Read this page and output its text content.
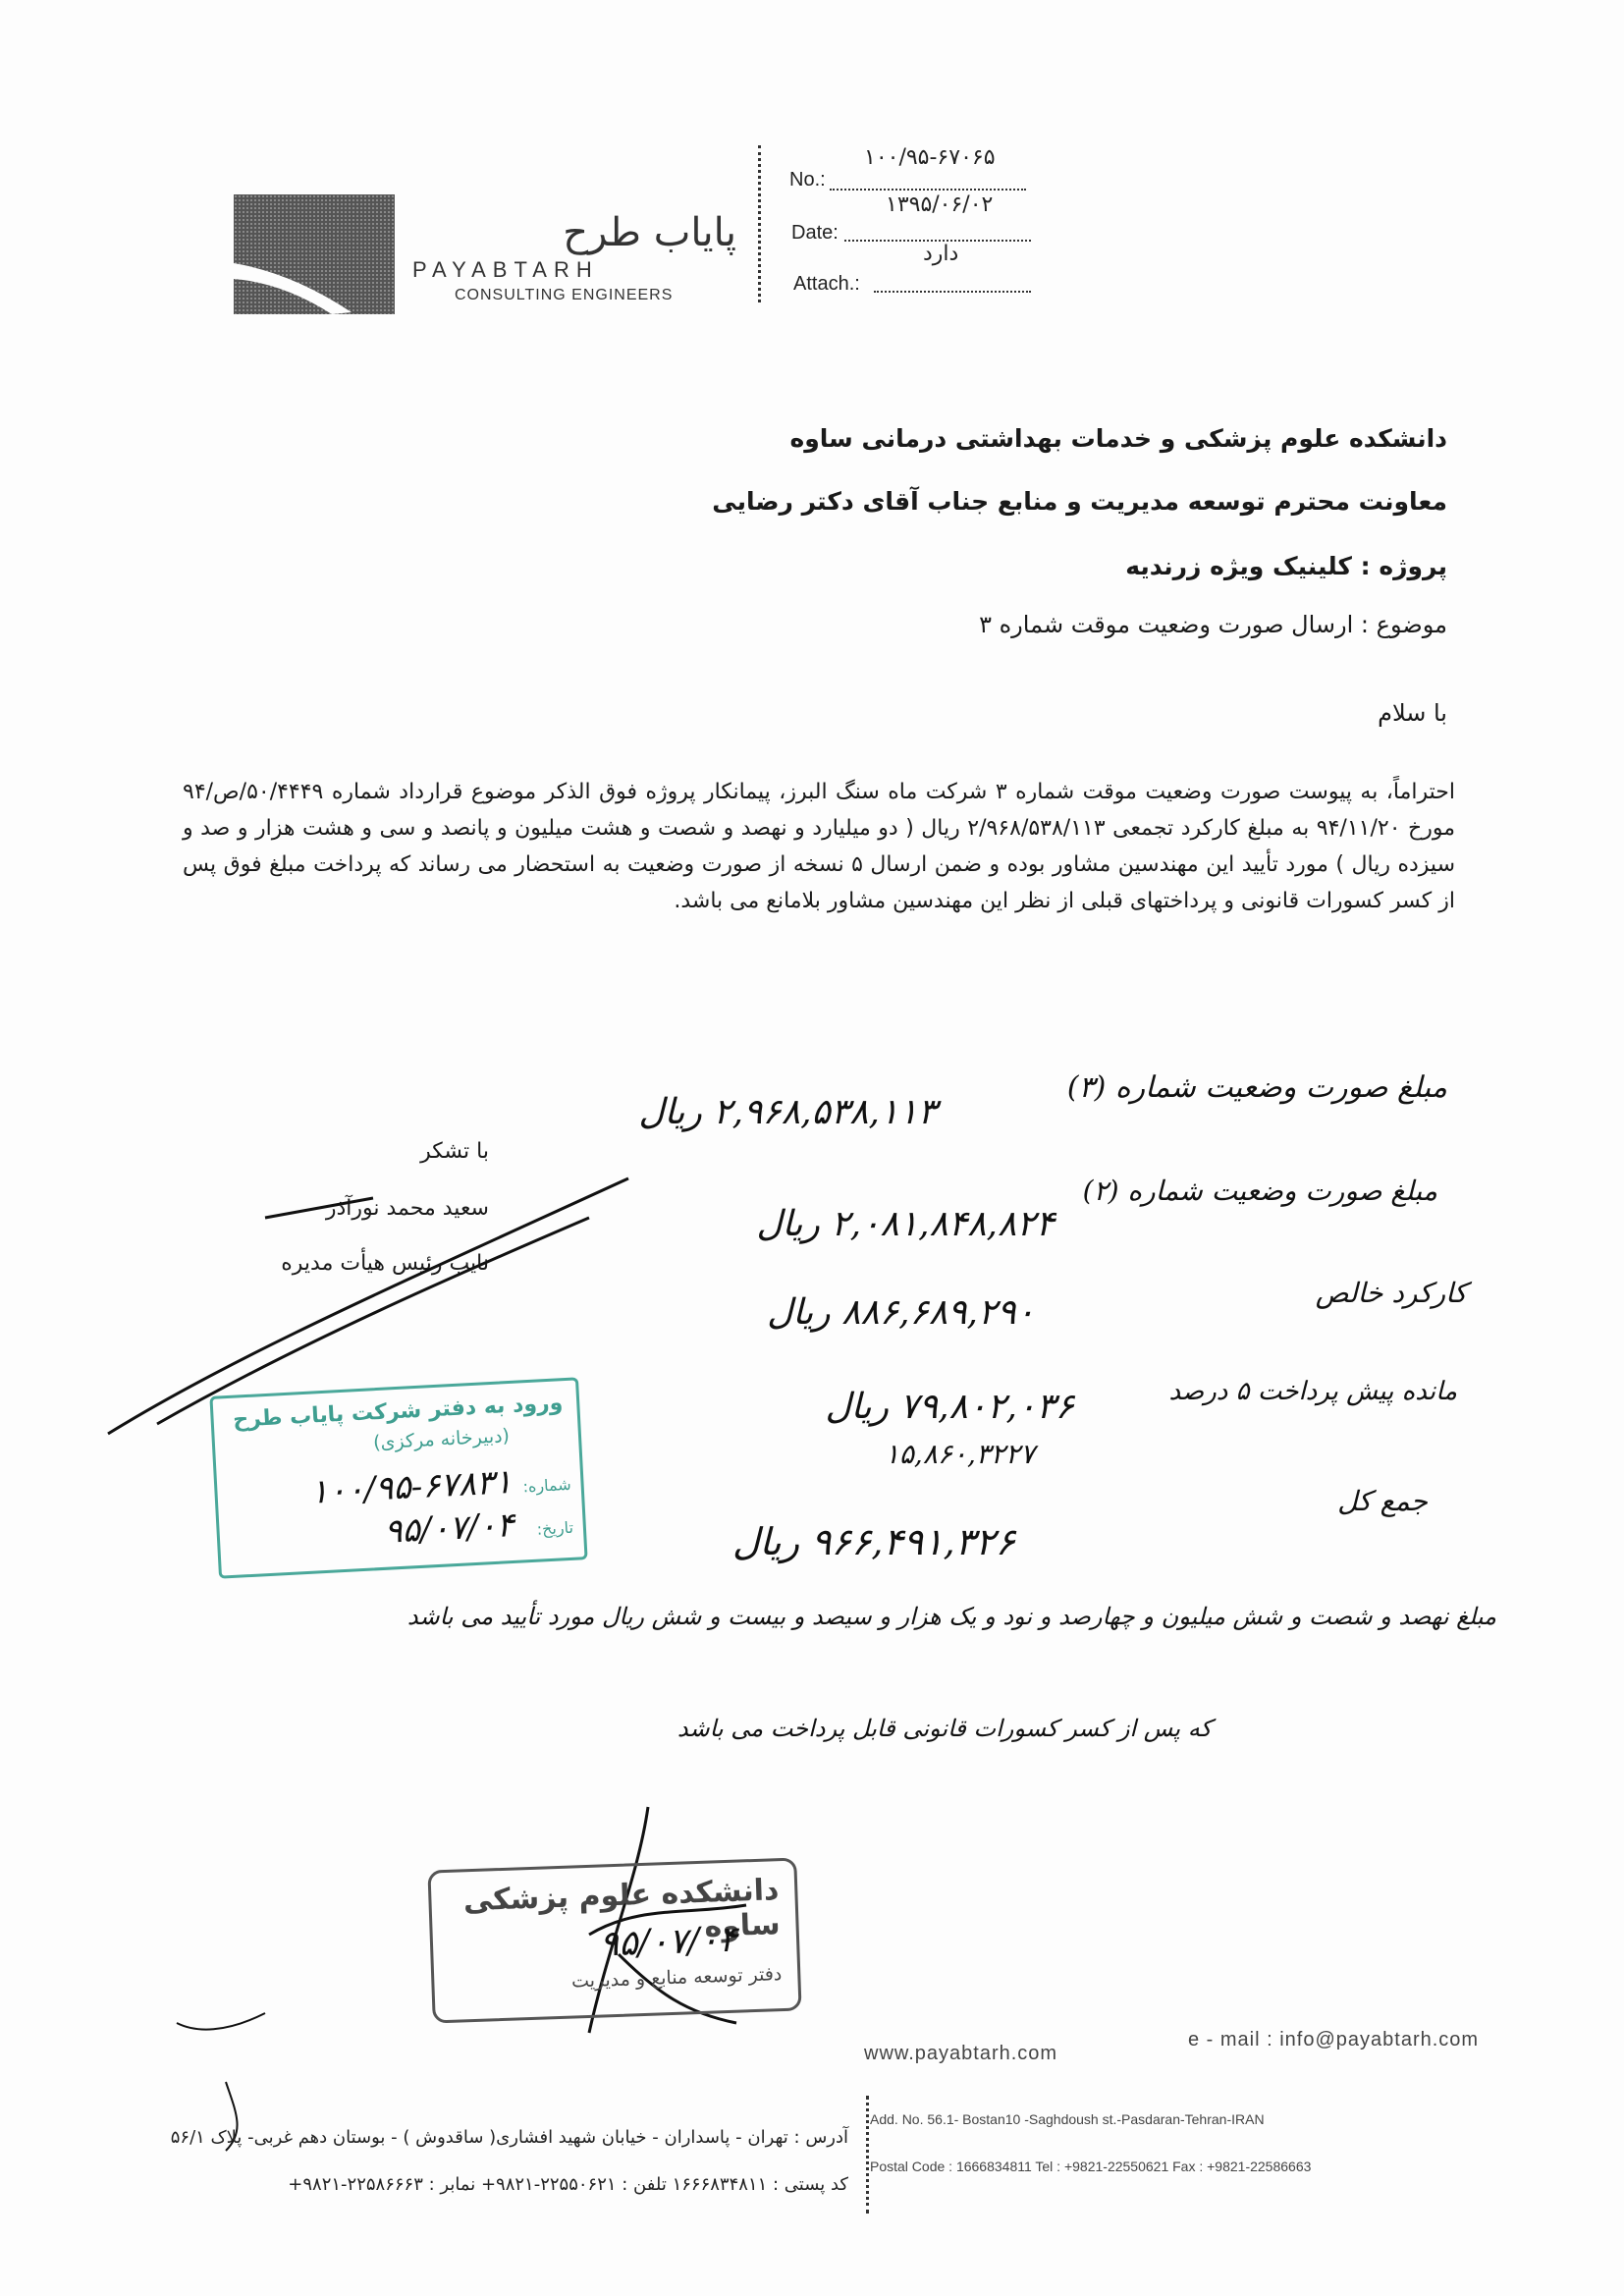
پایاب طرح
PAYABTARH
CONSULTING ENGINEERS
No.:
۱۰۰/۹۵-۶۷۰۶۵
Date:
۱۳۹۵/۰۶/۰۲
Attach.:
دارد
دانشکده علوم پزشکی و خدمات بهداشتی درمانی ساوه
معاونت محترم توسعه مدیریت و منابع جناب آقای دکتر رضایی
پروژه : کلینیک ویژه زرندیه
موضوع : ارسال صورت وضعیت موقت شماره ۳
با سلام
احتراماً، به پیوست صورت وضعیت موقت شماره ۳ شرکت ماه سنگ البرز، پیمانکار پروژه فوق الذکر موضوع قرارداد شماره ۵۰/۴۴۴۹/ص/۹۴ مورخ ۹۴/۱۱/۲۰ به مبلغ کارکرد تجمعی ۲/۹۶۸/۵۳۸/۱۱۳ ریال ( دو میلیارد و نهصد و شصت و هشت میلیون و پانصد و سی و هشت هزار و صد و سیزده ریال ) مورد تأیید این مهندسین مشاور بوده و ضمن ارسال ۵ نسخه از صورت وضعیت به استحضار می رساند که پرداخت مبلغ فوق پس از کسر کسورات قانونی و پرداختهای قبلی از نظر این مهندسین مشاور بلامانع می باشد.
با تشکر
سعید محمد نورآذر
نایب رئیس هیأت مدیره
مبلغ صورت وضعیت شماره (۳)
۲,۹۶۸,۵۳۸,۱۱۳ ریال
مبلغ صورت وضعیت شماره (۲)
۲,۰۸۱,۸۴۸,۸۲۴ ریال
کارکرد خالص
۸۸۶,۶۸۹,۲۹۰ ریال
مانده پیش پرداخت ۵ درصد
۷۹,۸۰۲,۰۳۶ ریال
۱۵,۸۶۰,۳۲۲۷
جمع کل
۹۶۶,۴۹۱,۳۲۶ ریال
مبلغ نهصد و شصت و شش میلیون و چهارصد و نود و یک هزار و سیصد و بیست و شش ریال مورد تأیید می باشد
که پس از کسر کسورات قانونی قابل پرداخت می باشد
ورود به دفتر شرکت پایاب طرح
(دبیرخانه مرکزی)
شماره:
۱۰۰/۹۵-۶۷۸۳۱
تاریخ:
۹۵/۰۷/۰۴
دانشکده علوم پزشکی ساوه
۹۵/۰۷/۰۴
دفتر توسعه منابع و مدیریت
www.payabtarh.com
e - mail : info@payabtarh.com
Add. No. 56.1- Bostan10 -Saghdoush st.-Pasdaran-Tehran-IRAN
Postal Code : 1666834811 Tel : +9821-22550621 Fax : +9821-22586663
آدرس : تهران - پاسداران - خیابان شهید افشاری( ساقدوش ) - بوستان دهم غربی- پلاک ۵۶/۱
کد پستی : ۱۶۶۶۸۳۴۸۱۱ تلفن : ۲۲۵۵۰۶۲۱-۹۸۲۱+ نمابر : ۲۲۵۸۶۶۶۳-۹۸۲۱+
